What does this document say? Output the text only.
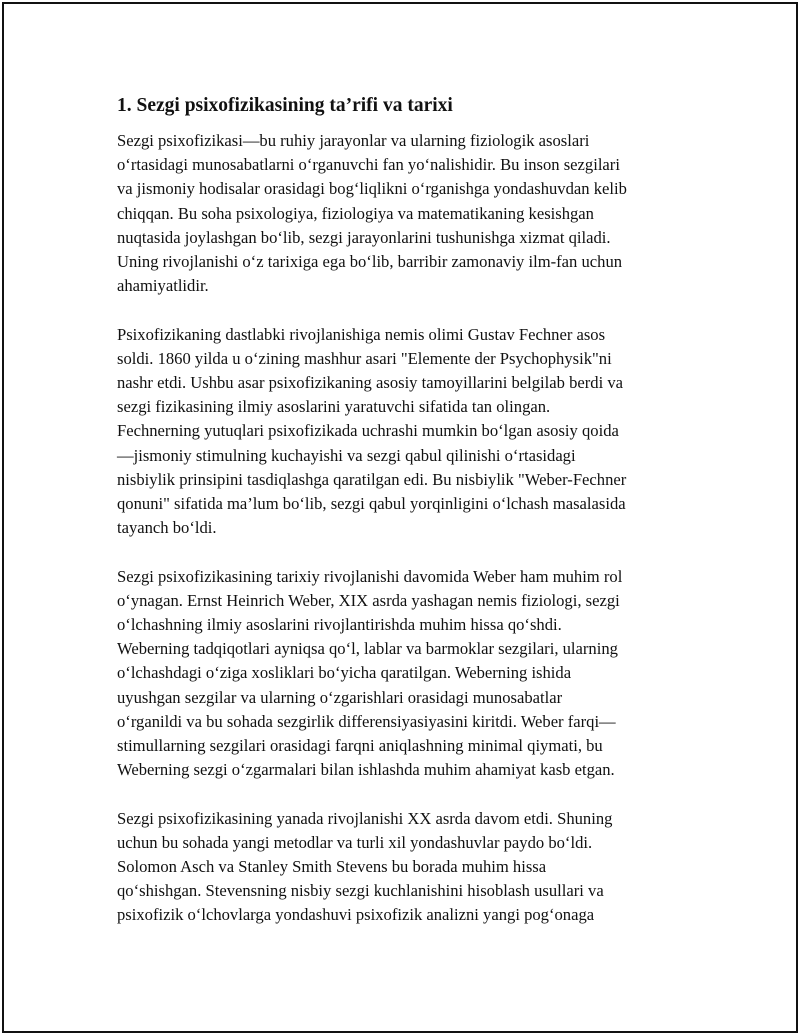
1. Sezgi psixofizikasining ta’rifi va tarixi

Sezgi psixofizikasi—bu ruhiy jarayonlar va ularning fiziologik asoslari
o‘rtasidagi munosabatlarni o‘rganuvchi fan yo‘nalishidir. Bu inson sezgilari
va jismoniy hodisalar orasidagi bog‘liqlikni o‘rganishga yondashuvdan kelib
chiqqan. Bu soha psixologiya, fiziologiya va matematikaning kesishgan
nuqtasida joylashgan bo‘lib, sezgi jarayonlarini tushunishga xizmat qiladi.
Uning rivojlanishi o‘z tarixiga ega bo‘lib, barribir zamonaviy ilm-fan uchun
ahamiyatlidir.

Psixofizikaning dastlabki rivojlanishiga nemis olimi Gustav Fechner asos
soldi. 1860 yilda u o‘zining mashhur asari "Elemente der Psychophysik"ni
nashr etdi. Ushbu asar psixofizikaning asosiy tamoyillarini belgilab berdi va
sezgi fizikasining ilmiy asoslarini yaratuvchi sifatida tan olingan.
Fechnerning yutuqlari psixofizikada uchrashi mumkin bo‘lgan asosiy qoida
—jismoniy stimulning kuchayishi va sezgi qabul qilinishi o‘rtasidagi
nisbiylik prinsipini tasdiqlashga qaratilgan edi. Bu nisbiylik "Weber-Fechner
qonuni" sifatida ma’lum bo‘lib, sezgi qabul yorqinligini o‘lchash masalasida
tayanch bo‘ldi.

Sezgi psixofizikasining tarixiy rivojlanishi davomida Weber ham muhim rol
o‘ynagan. Ernst Heinrich Weber, XIX asrda yashagan nemis fiziologi, sezgi
o‘lchashning ilmiy asoslarini rivojlantirishda muhim hissa qo‘shdi.
Weberning tadqiqotlari ayniqsa qo‘l, lablar va barmoklar sezgilari, ularning
o‘lchashdagi o‘ziga xosliklari bo‘yicha qaratilgan. Weberning ishida
uyushgan sezgilar va ularning o‘zgarishlari orasidagi munosabatlar
o‘rganildi va bu sohada sezgirlik differensiyasiyasini kiritdi. Weber farqi—
stimullarning sezgilari orasidagi farqni aniqlashning minimal qiymati, bu
Weberning sezgi o‘zgarmalari bilan ishlashda muhim ahamiyat kasb etgan.

Sezgi psixofizikasining yanada rivojlanishi XX asrda davom etdi. Shuning
uchun bu sohada yangi metodlar va turli xil yondashuvlar paydo bo‘ldi.
Solomon Asch va Stanley Smith Stevens bu borada muhim hissa
qo‘shishgan. Stevensning nisbiy sezgi kuchlanishini hisoblash usullari va
psixofizik o‘lchovlarga yondashuvi psixofizik analizni yangi pog‘onaga
